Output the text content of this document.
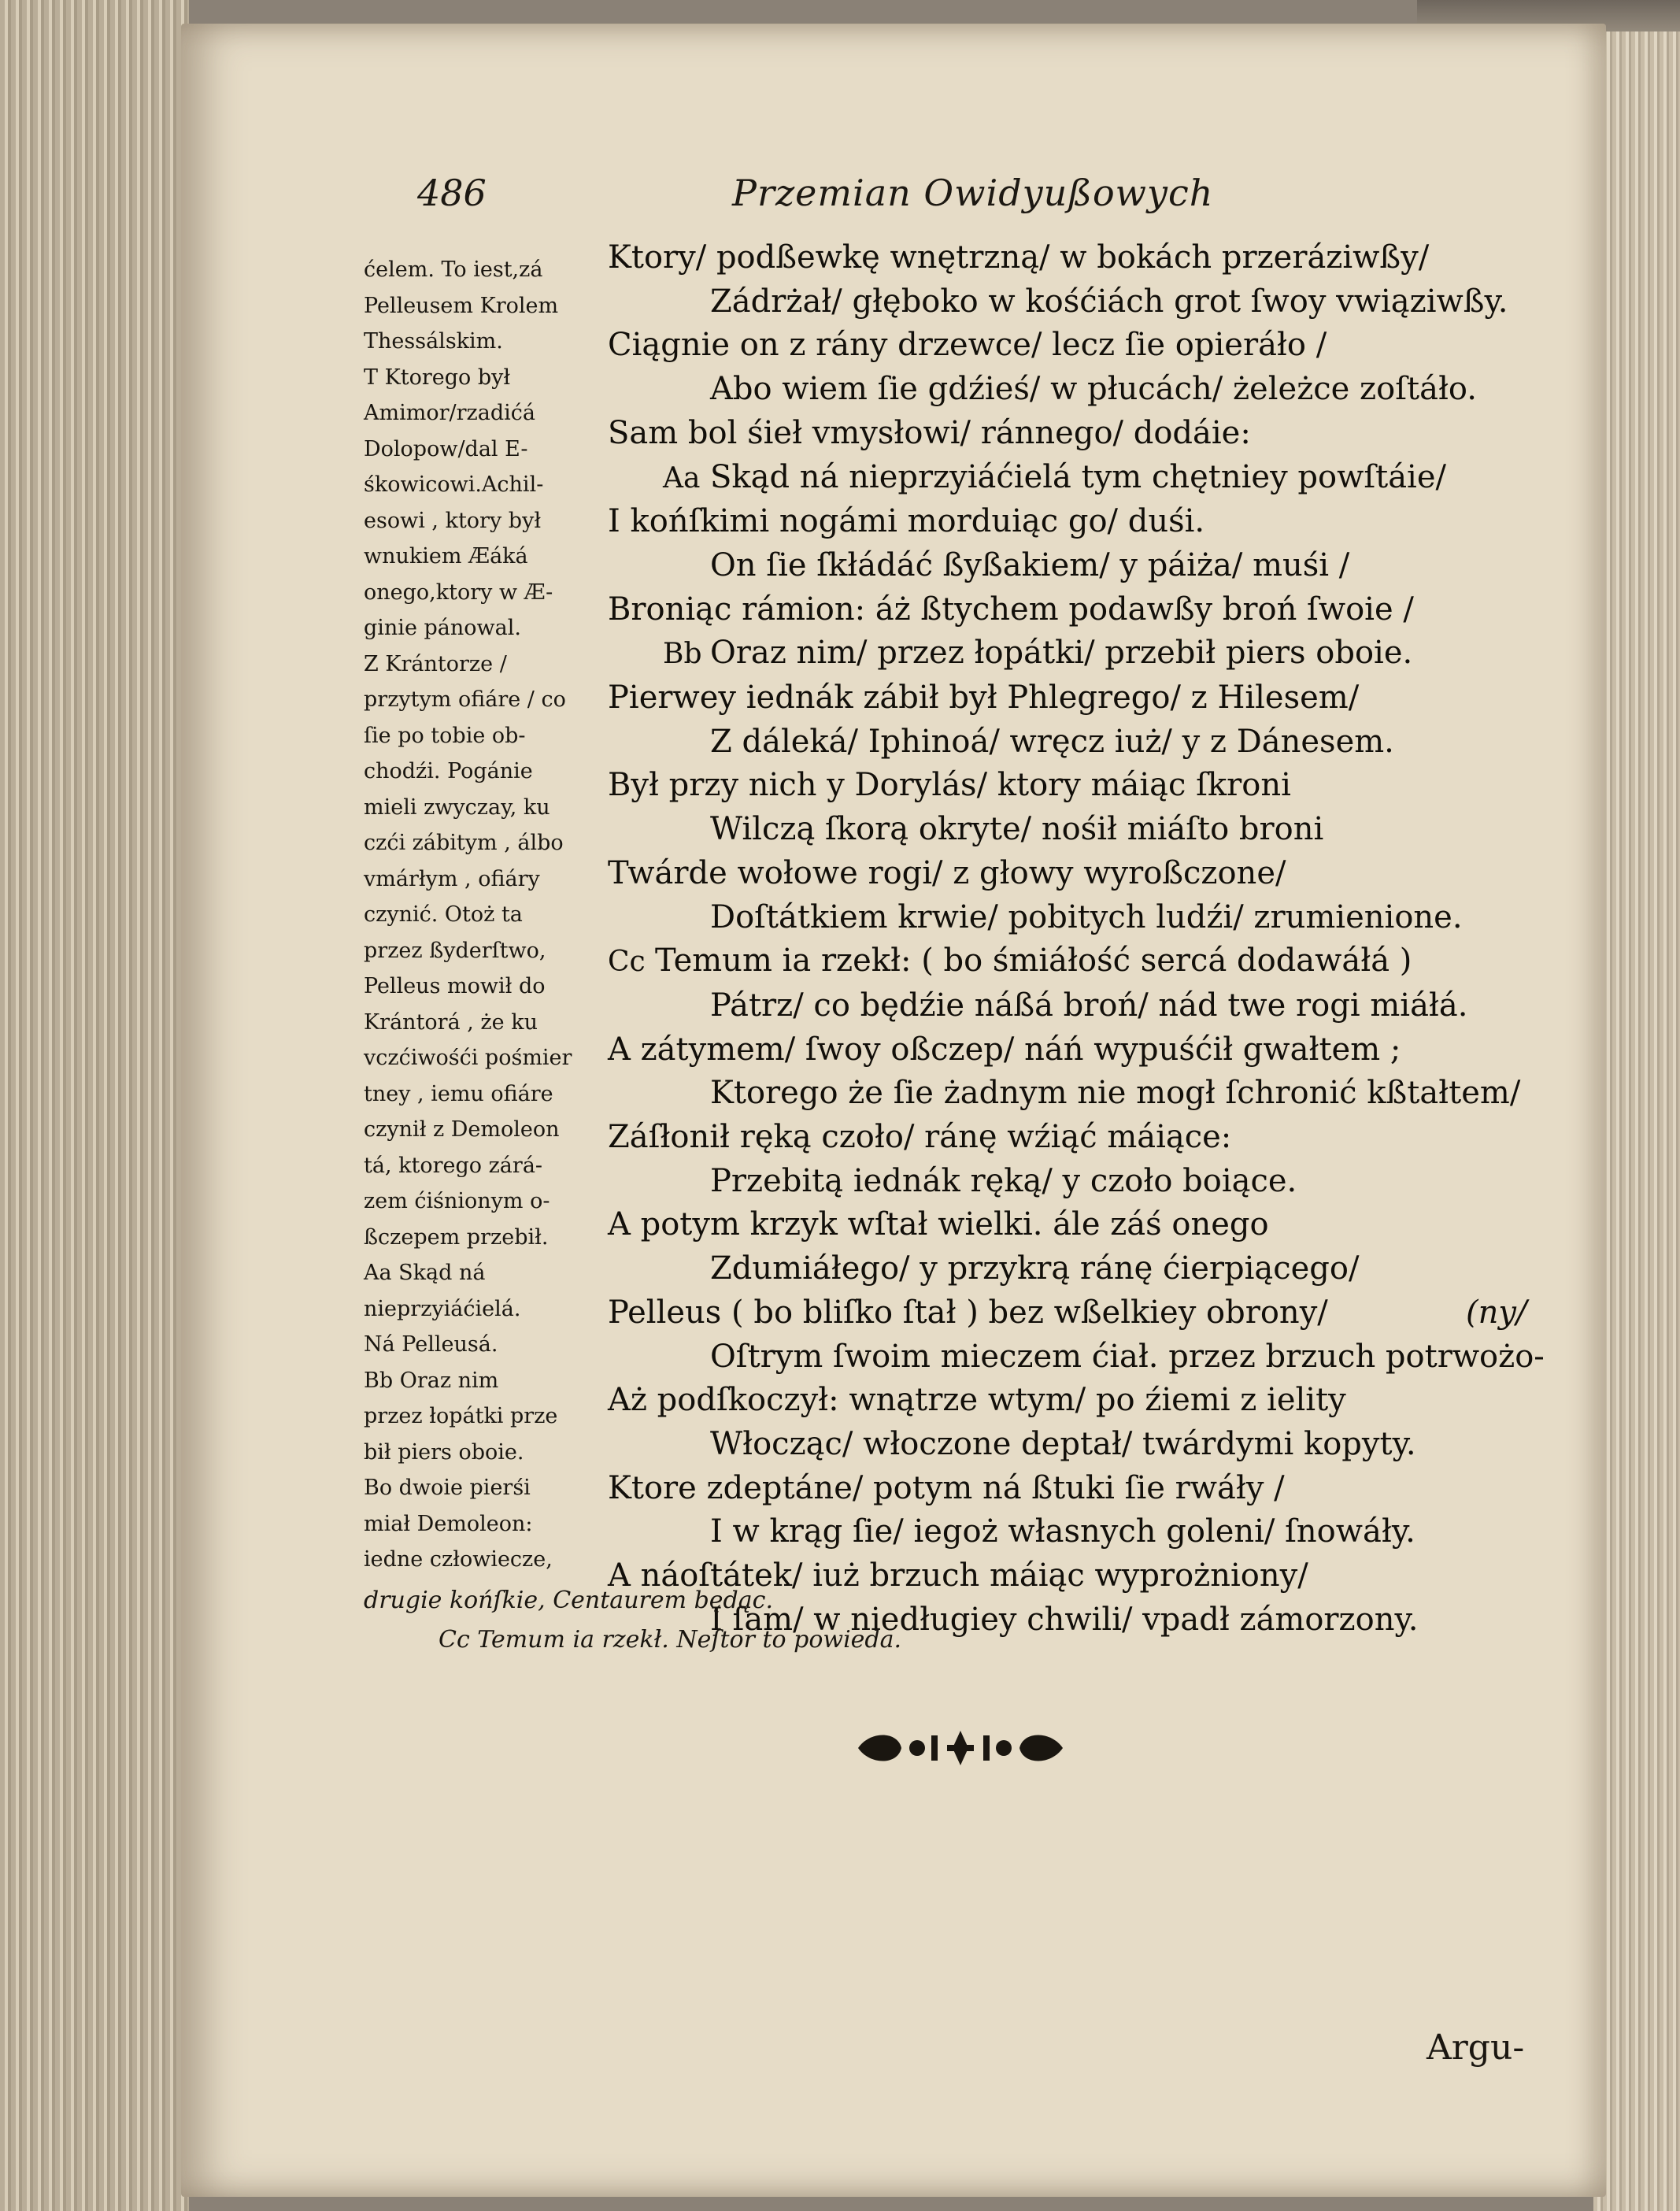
486	Przemian Owidyußowych
ćelem. To iest,zá
Pelleusem Krolem
Thessálskim.
T Ktorego był
Amimor/rzadićá
Dolopow/dal E-
śkowicowi.Achil-
esowi , ktory był
wnukiem Æáká
onego,ktory w Æ-
ginie pánowal.
Z Krántorze /
przytym ofiáre / co
ſie po tobie ob-
chodźi. Pogánie
mieli zwyczay, ku
czći zábitym , álbo
vmárłym , ofiáry
czynić. Otoż ta
przez ßyderſtwo,
Pelleus mowił do
Krántorá , że ku
vczćiwośći pośmier
tney , iemu ofiáre
czynił z Demoleon
tá, ktorego zárá-
zem ćiśnionym o-
ßczepem przebił.
Aa Skąd ná
nieprzyiáćielá.
Ná Pelleusá.
Bb Oraz nim
przez łopátki prze
bił piers oboie.
Bo dwoie pierśi
miał Demoleon:
iedne człowiecze,
Ktory/ podßewkę wnętrzną/ w bokách przeráziwßy/
Zádrżał/ głęboko w kośćiách grot ſwoy vwiąziwßy.
Ciągnie on z rány drzewce/ lecz ſie opieráło /
Abo wiem ſie gdźieś/ w płucách/ żeleżce zoſtáło.
Sam bol śieł vmysłowi/ ránnego/ dodáie:
Aa Skąd ná nieprzyiáćielá tym chętniey powſtáie/
I końſkimi nogámi morduiąc go/ duśi.
On ſie ſkłádáć ßyßakiem/ y páiża/ muśi /
Broniąc rámion: áż ßtychem podawßy broń ſwoie /
Bb Oraz nim/ przez łopátki/ przebił piers oboie.
Pierwey iednák zábił był Phlegrego/ z Hilesem/
Z dáleká/ Iphinoá/ wręcz iuż/ y z Dánesem.
Był przy nich y Dorylás/ ktory máiąc ſkroni
Wilczą ſkorą okryte/ nośił miáſto broni
Twárde wołowe rogi/ z głowy wyroßczone/
Doſtátkiem krwie/ pobitych ludźi/ zrumienione.
Cc Temum ia rzekł: ( bo śmiáłość sercá dodawáłá )
Pátrz/ co będźie náßá broń/ nád twe rogi miáłá.
A zátymem/ ſwoy oßczep/ náń wypuśćił gwałtem ;
Ktorego że ſie żadnym nie mogł ſchronić kßtałtem/
Záſłonił ręką czoło/ ránę wźiąć máiące:
Przebitą iednák ręką/ y czoło boiące.
A potym krzyk wſtał wielki. ále záś onego
Zdumiáłego/ y przykrą ránę ćierpiącego/
Pelleus ( bo bliſko ſtał ) bez wßelkiey obrony/	(ny/
Oſtrym ſwoim mieczem ćiał. przez brzuch potrwożo-
Aż podſkoczył: wnątrze wtym/ po źiemi z ielity
Włocząc/ włoczone deptał/ twárdymi kopyty.
Ktore zdeptáne/ potym ná ßtuki ſie rwáły /
I w krąg ſie/ iegoż własnych goleni/ ſnowáły.
A náoſtátek/ iuż brzuch máiąc wyprożniony/
I ſam/ w niedługiey chwili/ vpadł zámorzony.
drugie końſkie, Centaurem będąc.
Cc Temum ia rzekł. Neſtor to powieda.
Argu-
